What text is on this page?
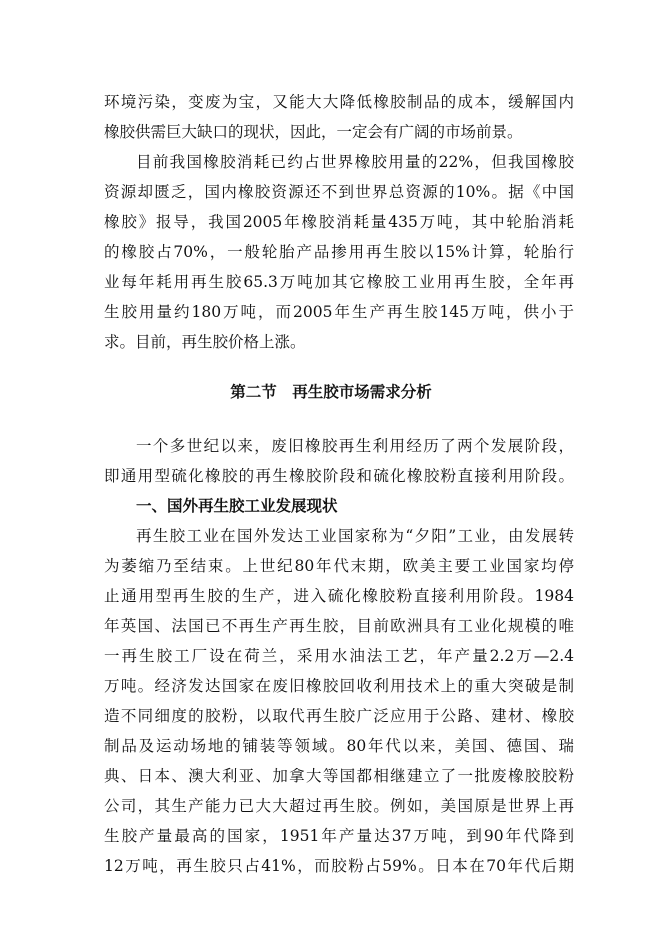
环境污染，变废为宝，又能大大降低橡胶制品的成本，缓解国内
橡胶供需巨大缺口的现状，因此，一定会有广阔的市场前景。
目前我国橡胶消耗已约占世界橡胶用量的22%，但我国橡胶
资源却匮乏，国内橡胶资源还不到世界总资源的10%。据《中国
橡胶》报导，我国2005年橡胶消耗量435万吨，其中轮胎消耗
的橡胶占70%，一般轮胎产品掺用再生胶以15%计算，轮胎行
业每年耗用再生胶65.3万吨加其它橡胶工业用再生胶，全年再
生胶用量约180万吨，而2005年生产再生胶145万吨，供小于
求。目前，再生胶价格上涨。
第二节　再生胶市场需求分析
一个多世纪以来，废旧橡胶再生利用经历了两个发展阶段，
即通用型硫化橡胶的再生橡胶阶段和硫化橡胶粉直接利用阶段。
一、国外再生胶工业发展现状
再生胶工业在国外发达工业国家称为“夕阳”工业，由发展转
为萎缩乃至结束。上世纪80年代末期，欧美主要工业国家均停
止通用型再生胶的生产，进入硫化橡胶粉直接利用阶段。1984
年英国、法国已不再生产再生胶，目前欧洲具有工业化规模的唯
一再生胶工厂设在荷兰，采用水油法工艺，年产量2.2万—2.4
万吨。经济发达国家在废旧橡胶回收利用技术上的重大突破是制
造不同细度的胶粉，以取代再生胶广泛应用于公路、建材、橡胶
制品及运动场地的铺装等领域。80年代以来，美国、德国、瑞
典、日本、澳大利亚、加拿大等国都相继建立了一批废橡胶胶粉
公司，其生产能力已大大超过再生胶。例如，美国原是世界上再
生胶产量最高的国家，1951年产量达37万吨，到90年代降到
12万吨，再生胶只占41%，而胶粉占59%。日本在70年代后期
